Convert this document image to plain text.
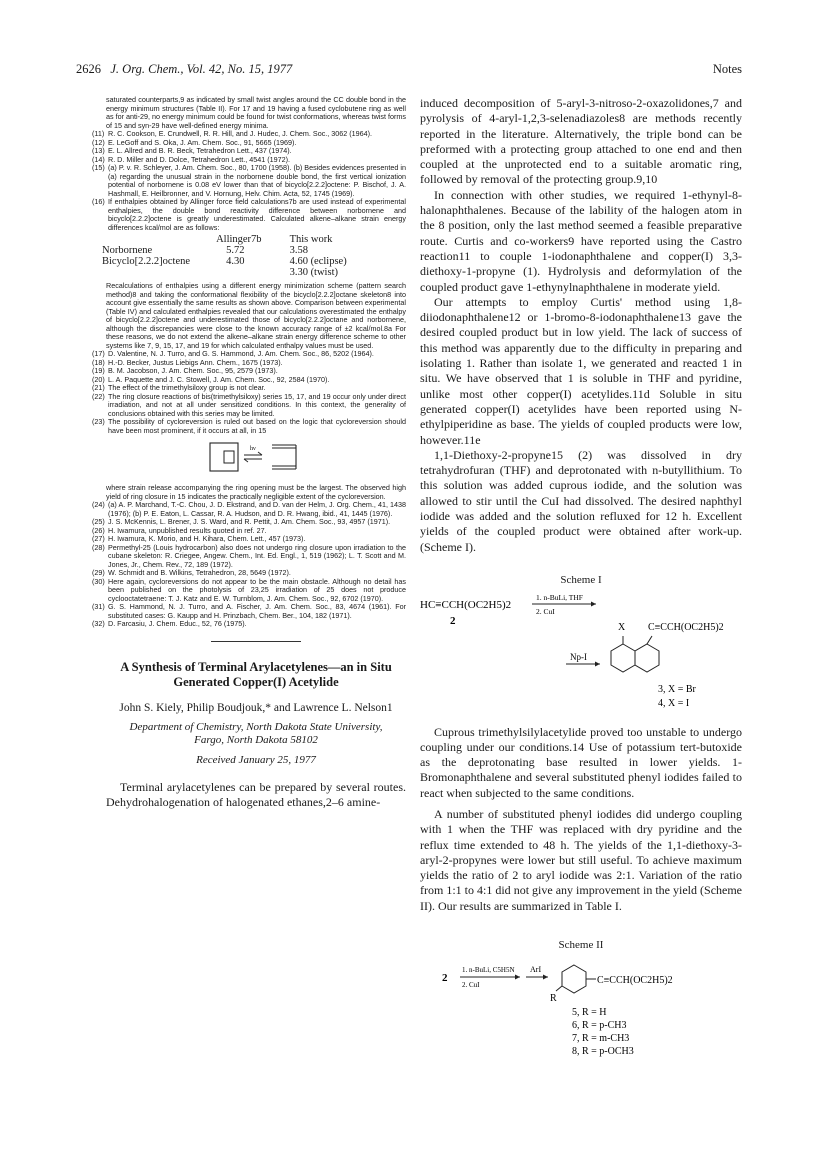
2626 J. Org. Chem., Vol. 42, No. 15, 1977	Notes
saturated counterparts,9 as indicated by small twist angles around the CC double bond in the energy minimum structures (Table II). For 17 and 19 having a fused cyclobutene ring as well as for anti-29, no energy minimum could be found for twist conformations, whereas twist forms of 15 and syn-29 have well-defined energy minima.
(11) R. C. Cookson, E. Crundwell, R. R. Hill, and J. Hudec, J. Chem. Soc., 3062 (1964).
(12) E. LeGoff and S. Oka, J. Am. Chem. Soc., 91, 5665 (1969).
(13) E. L. Allred and B. R. Beck, Tetrahedron Lett., 437 (1974).
(14) R. D. Miller and D. Dolce, Tetrahedron Lett., 4541 (1972).
(15) (a) P. v. R. Schleyer, J. Am. Chem. Soc., 80, 1700 (1958). (b) Besides evidences presented in (a) regarding the unusual strain in the norbornene double bond, the first vertical ionization potential of norbornene is 0.08 eV lower than that of bicyclo[2.2.2]octene: P. Bischof, J. A. Hashmall, E. Heilbronner, and V. Hornung, Helv. Chim. Acta, 52, 1745 (1969).
(16) If enthalpies obtained by Allinger force field calculations7b are used instead of experimental enthalpies, the double bond reactivity difference between norbornene and bicyclo[2.2.2]octene is greatly underestimated. Calculated alkene–alkane strain energy differences kcal/mol are as follows:
	Allinger7b	This work
Norbornene	5.72	3.58
Bicyclo[2.2.2]octene	4.30	4.60 (eclipse)
		3.30 (twist)
Recalculations of enthalpies using a different energy minimization scheme (pattern search method)8 and taking the conformational flexibility of the bicyclo[2.2.2]octane skeleton8 into account give essentially the same results as shown above. Comparison between experimental (Table IV) and calculated enthalpies revealed that our calculations overestimated the enthalpy of bicyclo[2.2.2]octene and underestimated those of bicyclo[2.2.2]octane and norbornene, although the discrepancies were close to the known accuracy range of ±2 kcal/mol.8a For these reasons, we do not extend the alkene–alkane strain energy difference scheme to other systems like 7, 9, 15, 17, and 19 for which calculated enthalpy values must be used.
(17) D. Valentine, N. J. Turro, and G. S. Hammond, J. Am. Chem. Soc., 86, 5202 (1964).
(18) H.-D. Becker, Justus Liebigs Ann. Chem., 1675 (1973).
(19) B. M. Jacobson, J. Am. Chem. Soc., 95, 2579 (1973).
(20) L. A. Paquette and J. C. Stowell, J. Am. Chem. Soc., 92, 2584 (1970).
(21) The effect of the trimethylsiloxy group is not clear.
(22) The ring closure reactions of bis(trimethylsiloxy) series 15, 17, and 19 occur only under direct irradiation, and not at all under sensitized conditions. In this context, the generality of conclusions obtained with this series may be limited.
(23) The possibility of cycloreversion is ruled out based on the logic that cycloreversion should have been most prominent, if it occurs at all, in 15
hν
where strain release accompanying the ring opening must be the largest. The observed high yield of ring closure in 15 indicates the practically negligible extent of the cycloreversion.
(24) (a) A. P. Marchand, T.-C. Chou, J. D. Ekstrand, and D. van der Helm, J. Org. Chem., 41, 1438 (1976); (b) P. E. Eaton, L. Cassar, R. A. Hudson, and D. R. Hwang, ibid., 41, 1445 (1976).
(25) J. S. McKennis, L. Brener, J. S. Ward, and R. Pettit, J. Am. Chem. Soc., 93, 4957 (1971).
(26) H. Iwamura, unpublished results quoted in ref. 27.
(27) H. Iwamura, K. Morio, and H. Kihara, Chem. Lett., 457 (1973).
(28) Permethyl-25 (Louis hydrocarbon) also does not undergo ring closure upon irradiation to the cubane skeleton: R. Criegee, Angew. Chem., Int. Ed. Engl., 1, 519 (1962); L. T. Scott and M. Jones, Jr., Chem. Rev., 72, 189 (1972).
(29) W. Schmidt and B. Wilkins, Tetrahedron, 28, 5649 (1972).
(30) Here again, cycloreversions do not appear to be the main obstacle. Although no detail has been published on the photolysis of 23,25 irradiation of 25 does not produce cyclooctatetraene: T. J. Katz and E. W. Turnblom, J. Am. Chem. Soc., 92, 6702 (1970).
(31) G. S. Hammond, N. J. Turro, and A. Fischer, J. Am. Chem. Soc., 83, 4674 (1961). For substituted cases: G. Kaupp and H. Prinzbach, Chem. Ber., 104, 182 (1971).
(32) D. Farcasiu, J. Chem. Educ., 52, 76 (1975).
A Synthesis of Terminal Arylacetylenes—an in Situ Generated Copper(I) Acetylide
John S. Kiely, Philip Boudjouk,* and Lawrence L. Nelson1
Department of Chemistry, North Dakota State University, Fargo, North Dakota 58102
Received January 25, 1977

Terminal arylacetylenes can be prepared by several routes. Dehydrohalogenation of halogenated ethanes,2–6 amine-

induced decomposition of 5-aryl-3-nitroso-2-oxazolidones,7 and pyrolysis of 4-aryl-1,2,3-selenadiazoles8 are methods recently reported in the literature. Alternatively, the triple bond can be preformed with a protecting group attached to one end and then coupled at the unprotected end to a suitable aromatic ring, followed by removal of the protecting group.9,10

In connection with other studies, we required 1-ethynyl-8-halonaphthalenes. Because of the lability of the halogen atom in the 8 position, only the last method seemed a feasible preparative route. Curtis and co-workers9 have reported using the Castro reaction11 to couple 1-iodonaphthalene and copper(I) 3,3-diethoxy-1-propyne (1). Hydrolysis and deformylation of the coupled product gave 1-ethynylnaphthalene in moderate yield.

Our attempts to employ Curtis' method using 1,8-diiodonaphthalene12 or 1-bromo-8-iodonaphthalene13 gave the desired coupled product but in low yield. The lack of success of this method was apparently due to the difficulty in preparing and isolating 1. Rather than isolate 1, we generated and reacted 1 in situ. We have observed that 1 is soluble in THF and pyridine, unlike most other copper(I) acetylides.11d Soluble in situ generated copper(I) acetylides have been reported using N-ethylpiperidine as base. The yields of coupled products were low, however.11e

1,1-Diethoxy-2-propyne15 (2) was dissolved in dry tetrahydrofuran (THF) and deprotonated with n-butyllithium. To this solution was added cuprous iodide, and the solution was allowed to stir until the CuI had dissolved. The desired naphthyl iodide was added and the solution refluxed for 12 h. Excellent yields of the coupled product were obtained after work-up. (Scheme I).

Scheme I
HC≡CCH(OC2H5)2
2
1. n-BuLi, THF
2. CuI
X C≡CCH(OC2H5)2
Np-I
3, X = Br
4, X = I

Cuprous trimethylsilylacetylide proved too unstable to undergo coupling under our conditions.14 Use of potassium tert-butoxide as the deprotonating base resulted in lower yields. 1-Bromonaphthalene and several substituted phenyl iodides failed to react when subjected to the same conditions.

A number of substituted phenyl iodides did undergo coupling with 1 when the THF was replaced with dry pyridine and the reflux time extended to 48 h. The yields of the 1,1-diethoxy-3-aryl-2-propynes were lower but still useful. To achieve maximum yields the ratio of 2 to aryl iodide was 2:1. Variation of the ratio from 1:1 to 4:1 did not give any improvement in the yield (Scheme II). Our results are summarized in Table I.

Scheme II
2
1. n-BuLi, C5H5N
2. CuI
ArI
R
C≡CCH(OC2H5)2
5, R = H
6, R = p-CH3
7, R = m-CH3
8, R = p-OCH3
